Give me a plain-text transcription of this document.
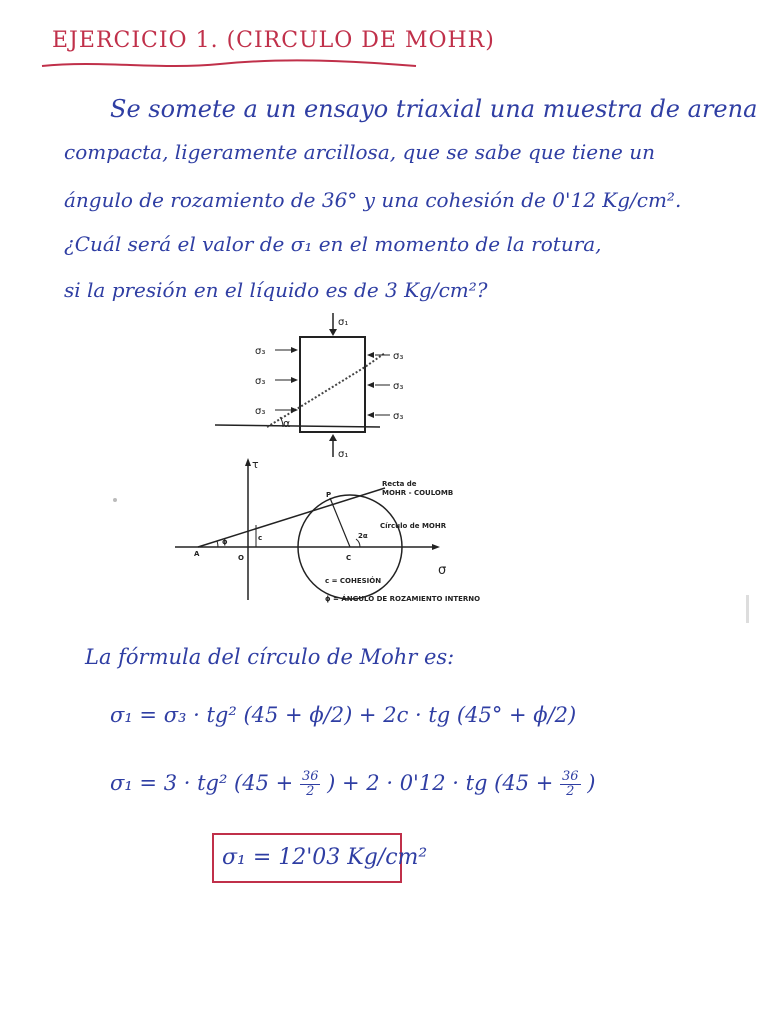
EJERCICIO 1. (CIRCULO DE MOHR)
Se somete a un ensayo triaxial una muestra de arena
compacta, ligeramente arcillosa, que se sabe que tiene un
ángulo de rozamiento de 36° y una cohesión de 0'12 Kg/cm².
¿Cuál será el valor de σ₁ en el momento de la rotura,
si la presión en el líquido es de 3 Kg/cm²?
σ₁
σ₁
σ₃
σ₃
σ₃
σ₃
σ₃
σ₃
α
τ
σ
Recta de
MOHR - COULOMB
Círculo de MOHR
P
A	O	C
c
ϕ
2α
c = COHESIÓN
ϕ = ÁNGULO DE ROZAMIENTO INTERNO
La fórmula del círculo de Mohr es:
σ₁ = σ₃ · tg² (45 + ϕ/2) + 2c · tg (45° + ϕ/2)
σ₁ = 3 · tg² ($45 + \frac{36}{2}$ ) + 2 · 0'12 · tg ($45 + \frac{36}{2}$ )
σ₁ = 12'03 Kg/cm²
